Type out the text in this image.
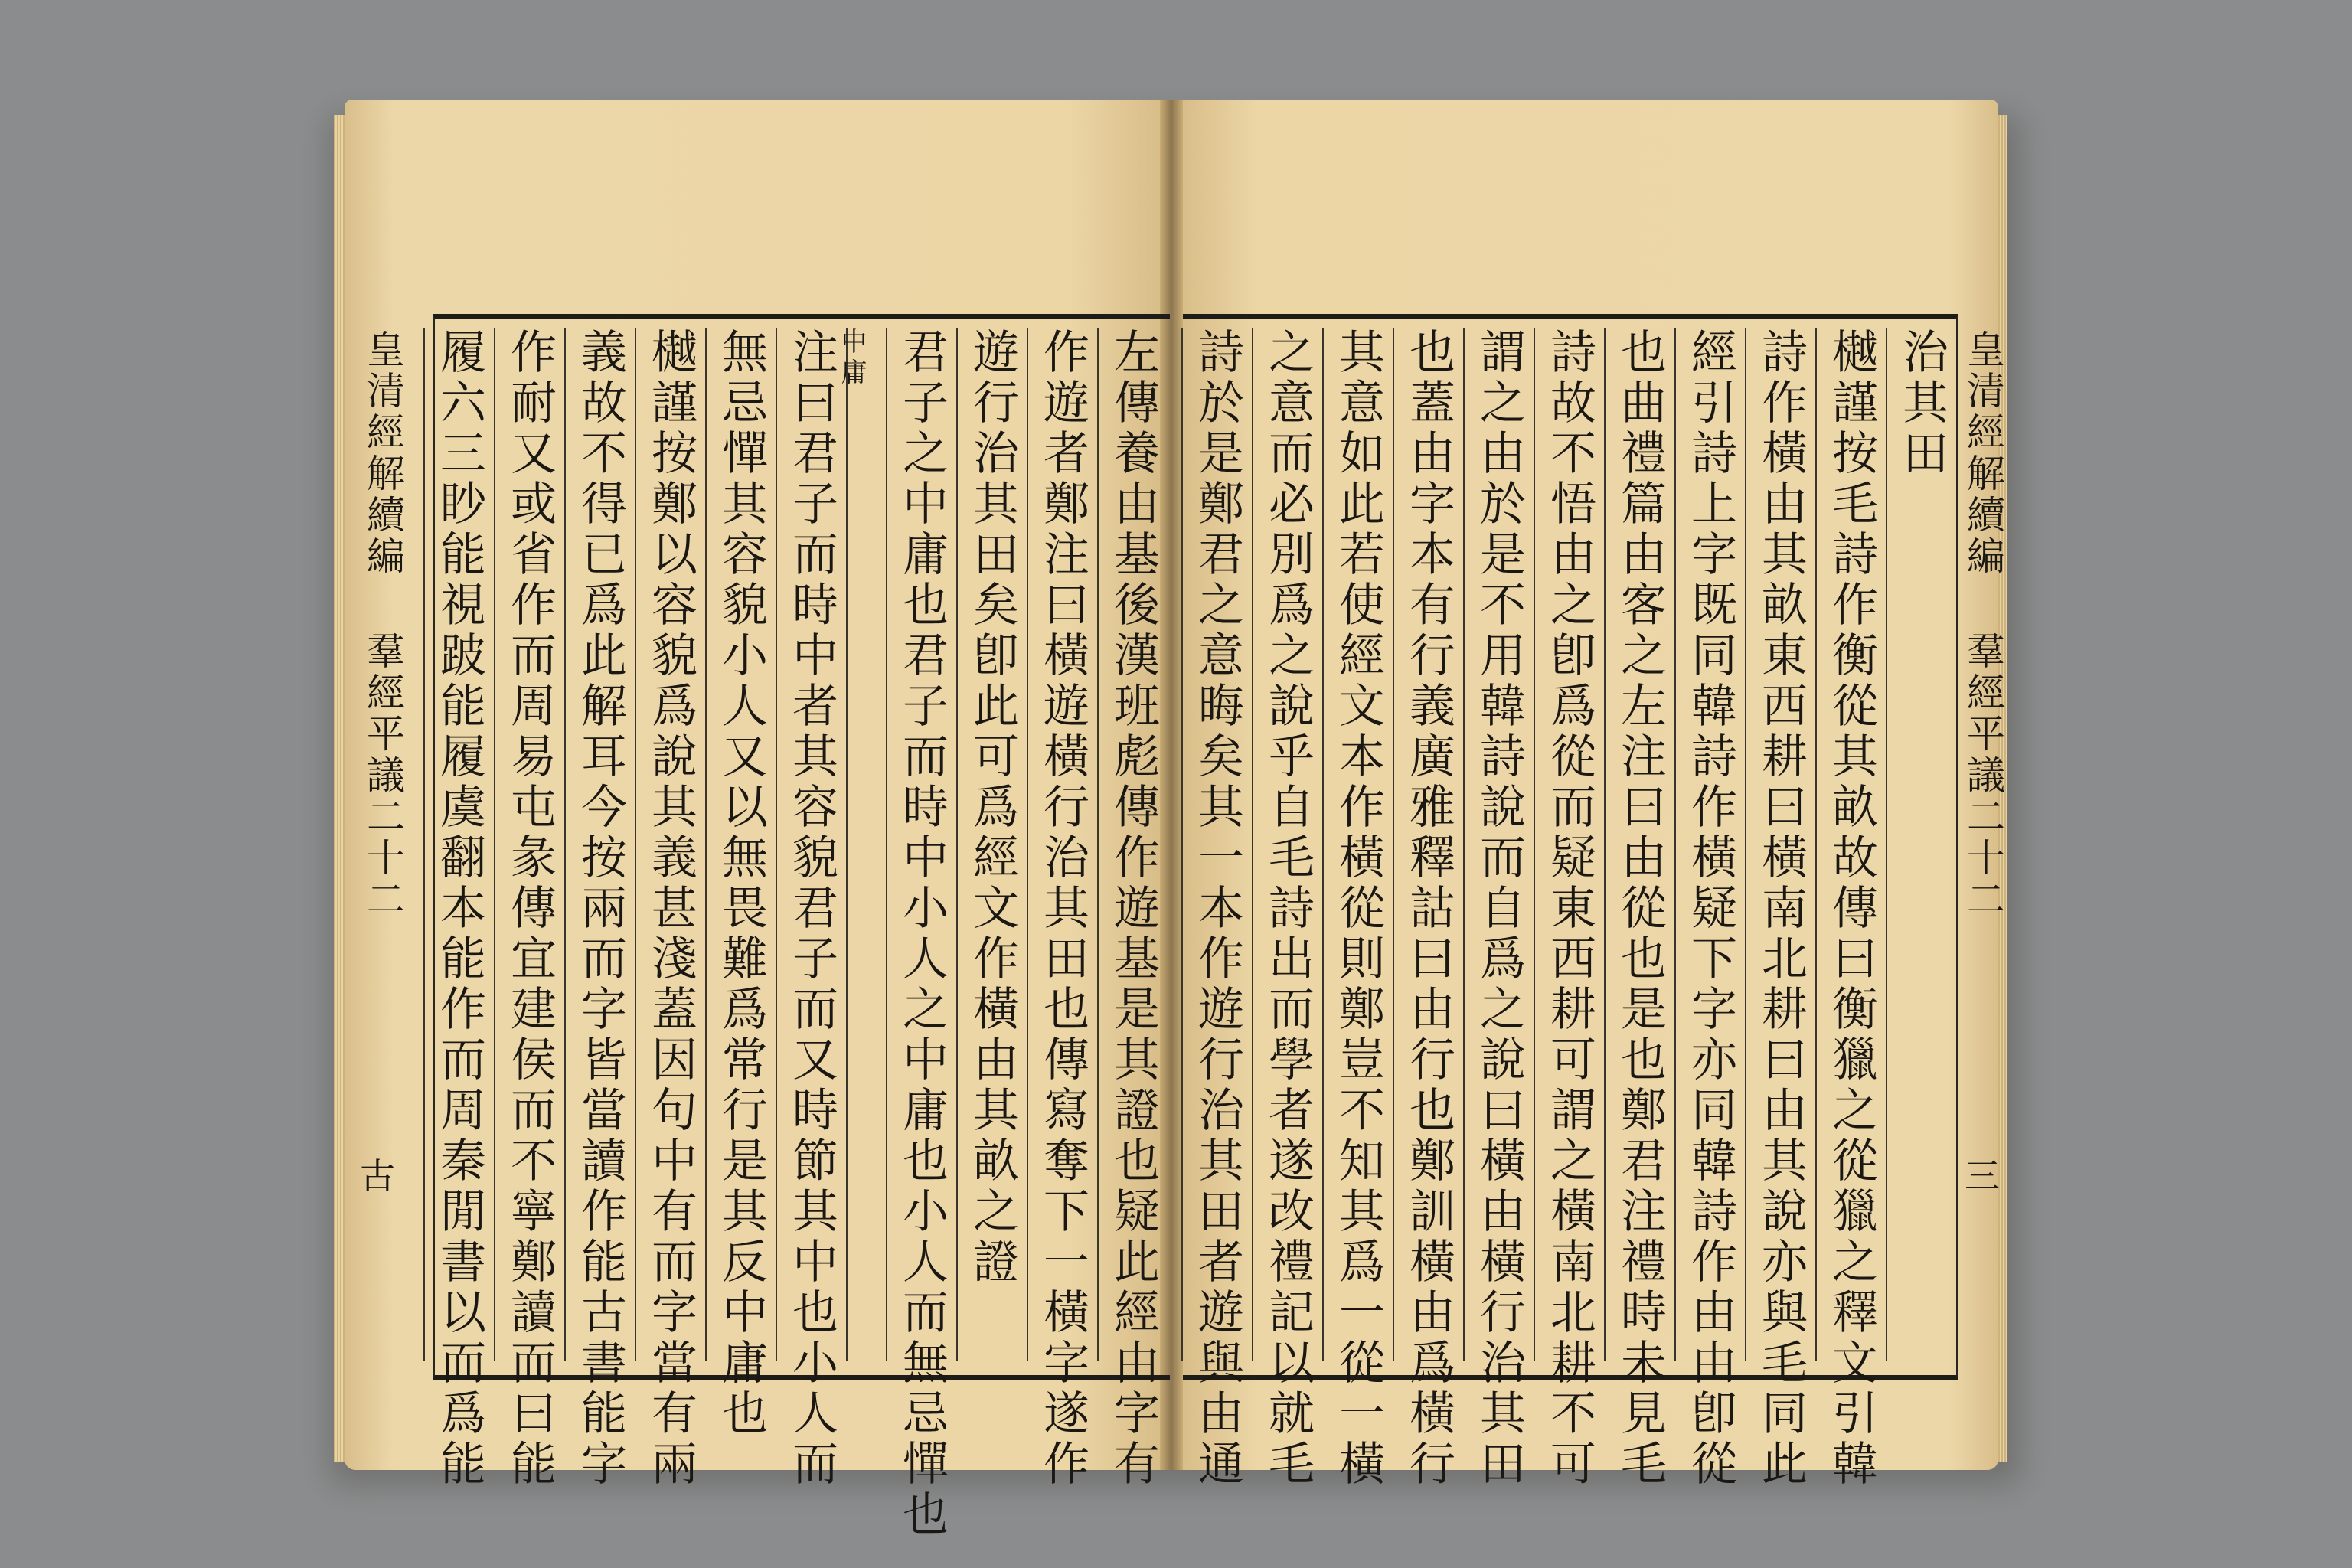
皇清經解續編  羣經平議二十二
古
皇清經解續編  羣經平議二十二
三
左傳養由基後漢班彪傳作遊基是其證也疑此經由字有
作遊者鄭注曰橫遊橫行治其田也傳寫奪下一橫字遂作
遊行治其田矣卽此可爲經文作橫由其畝之證
君子之中庸也君子而時中小人之中庸也小人而無忌憚也
中庸
注曰君子而時中者其容貌君子而又時節其中也小人而
無忌憚其容貌小人又以無畏難爲常行是其反中庸也
樾謹按鄭以容貌爲說其義甚淺蓋因句中有而字當有兩
義故不得已爲此解耳今按兩而字皆當讀作能古書能字
作耐又或省作而周易屯彖傳宜建侯而不寧鄭讀而曰能
履六三眇能視跛能履虞翻本能作而周秦閒書以而爲能	治其田
樾謹按毛詩作衡從其畝故傳曰衡獵之從獵之釋文引韓
詩作橫由其畝東西耕曰橫南北耕曰由其說亦與毛同此
經引詩上字既同韓詩作橫疑下字亦同韓詩作由由卽從
也曲禮篇由客之左注曰由從也是也鄭君注禮時未見毛
詩故不悟由之卽爲從而疑東西耕可謂之橫南北耕不可
謂之由於是不用韓詩說而自爲之說曰橫由橫行治其田
也蓋由字本有行義廣雅釋詁曰由行也鄭訓橫由爲橫行
其意如此若使經文本作橫從則鄭豈不知其爲一從一橫
之意而必別爲之說乎自毛詩出而學者遂改禮記以就毛
詩於是鄭君之意晦矣其一本作遊行治其田者遊與由通
